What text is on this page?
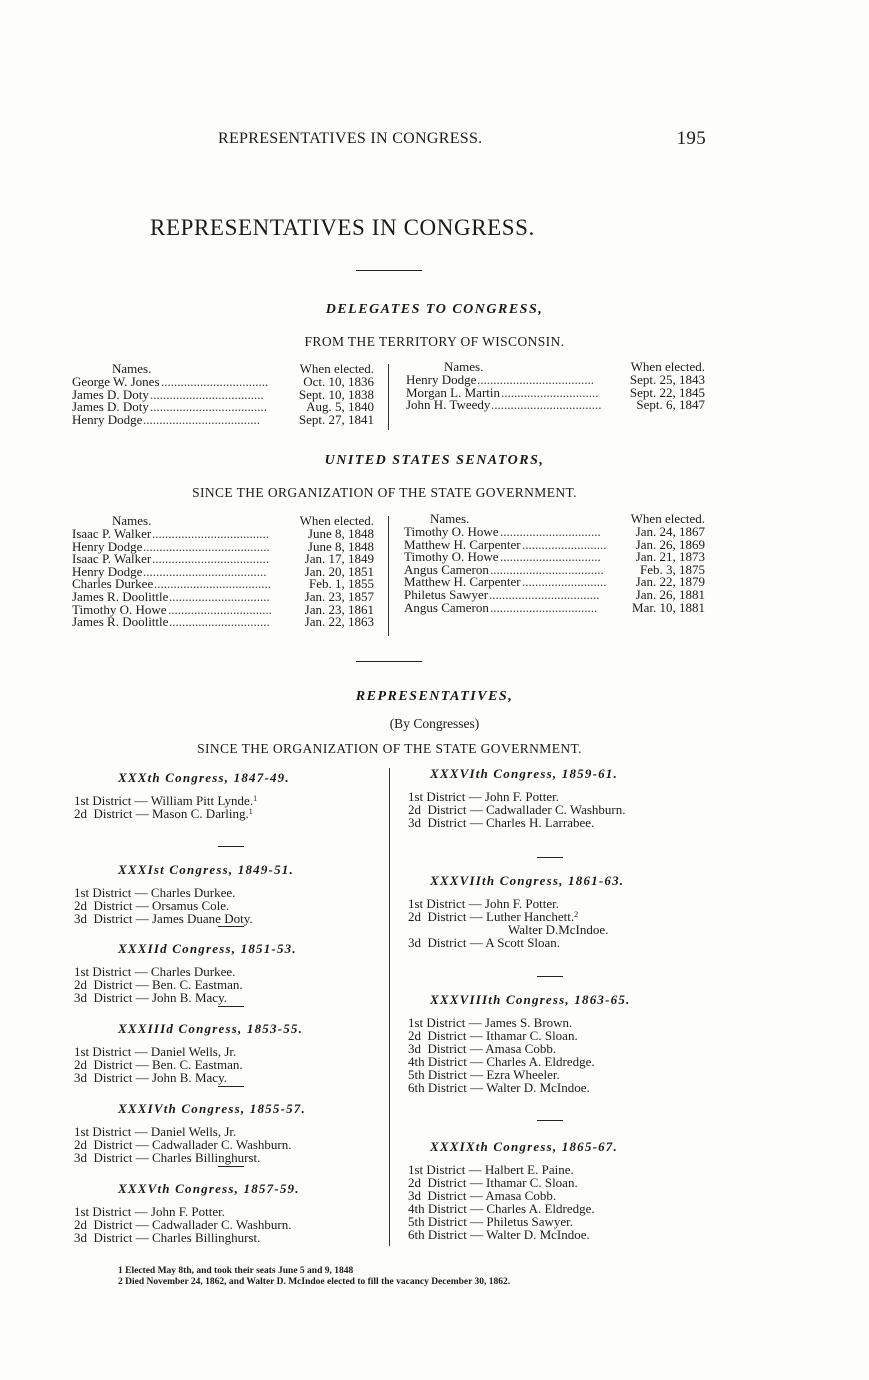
REPRESENTATIVES IN CONGRESS.	195
REPRESENTATIVES IN CONGRESS.
DELEGATES TO CONGRESS,
FROM THE TERRITORY OF WISCONSIN.
Names.	When elected.
George W. Jones .................................	Oct. 10, 1836
James D. Doty ...................................	Sept. 10, 1838
James D. Doty ....................................	Aug. 5, 1840
Henry Dodge ....................................	Sept. 27, 1841
Names.	When elected.
Henry Dodge ....................................	Sept. 25, 1843
Morgan L. Martin .............................. Sept. 22, 1845
John H. Tweedy ..................................	Sept. 6, 1847
UNITED STATES SENATORS,
SINCE THE ORGANIZATION OF THE STATE GOVERNMENT.
Names.	When elected.
Isaac P. Walker ....................................	June 8, 1848
Henry Dodge .......................................	June 8, 1848
Isaac P. Walker ....................................	Jan. 17, 1849
Henry Dodge ......................................	Jan. 20, 1851
Charles Durkee ....................................	Feb. 1, 1855
James R. Doolittle ...............................	Jan. 23, 1857
Timothy O. Howe ................................	Jan. 23, 1861
James R. Doolittle ...............................	Jan. 22, 1863
Names.	When elected.
Timothy O. Howe ...............................	Jan. 24, 1867
Matthew H. Carpenter .......................... Jan. 26, 1869
Timothy O. Howe ...............................	Jan. 21, 1873
Angus Cameron ...................................	Feb. 3, 1875
Matthew H. Carpenter .......................... Jan. 22, 1879
Philetus Sawyer ..................................	Jan. 26, 1881
Angus Cameron .................................	Mar. 10, 1881
REPRESENTATIVES,
(By Congresses)
SINCE THE ORGANIZATION OF THE STATE GOVERNMENT.
XXXth Congress, 1847-49.
1st District — William Pitt Lynde.$^1$
2d  District — Mason C. Darling.$^1$
XXXIst Congress, 1849-51.
1st District — Charles Durkee.
2d  District — Orsamus Cole.
3d  District — James Duane Doty.
XXXIId Congress, 1851-53.
1st District — Charles Durkee.
2d  District — Ben. C. Eastman.
3d  District — John B. Macy.
XXXIIId Congress, 1853-55.
1st District — Daniel Wells, Jr.
2d  District — Ben. C. Eastman.
3d  District — John B. Macy.
XXXIVth Congress, 1855-57.
1st District — Daniel Wells, Jr.
2d  District — Cadwallader C. Washburn.
3d  District — Charles Billinghurst.
XXXVth Congress, 1857-59.
1st District — John F. Potter.
2d  District — Cadwallader C. Washburn.
3d  District — Charles Billinghurst.
XXXVIth Congress, 1859-61.
1st District — John F. Potter.
2d  District — Cadwallader C. Washburn.
3d  District — Charles H. Larrabee.
XXXVIIth Congress, 1861-63.
1st District — John F. Potter.
2d  District — Luther Hanchett.$^2$
Walter D.McIndoe.
3d  District — A Scott Sloan.
XXXVIIIth Congress, 1863-65.
1st District — James S. Brown.
2d  District — Ithamar C. Sloan.
3d  District — Amasa Cobb.
4th District — Charles A. Eldredge.
5th District — Ezra Wheeler.
6th District — Walter D. McIndoe.
XXXIXth Congress, 1865-67.
1st District — Halbert E. Paine.
2d  District — Ithamar C. Sloan.
3d  District — Amasa Cobb.
4th District — Charles A. Eldredge.
5th District — Philetus Sawyer.
6th District — Walter D. McIndoe.
1 Elected May 8th, and took their seats June 5 and 9, 1848
2 Died November 24, 1862, and Walter D. McIndoe elected to fill the vacancy December 30, 1862.
